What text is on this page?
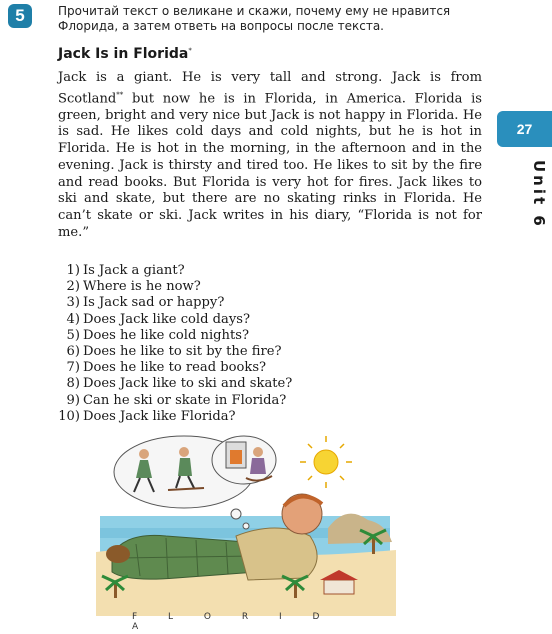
5	Прочитай текст о великане и скажи, почему ему не нравится Флорида, а затем ответь на вопросы после текста.
Jack Is in Florida*
Jack is a giant. He is very tall and strong. Jack is from Scotland** but now he is in Florida, in America. Florida is green, bright and very nice but Jack is not happy in Florida. He is sad. He likes cold days and cold nights, but he is hot in Florida. He is hot in the morning, in the afternoon and in the evening. Jack is thirsty and tired too. He likes to sit by the fire and read books. But Florida is very hot for fires. Jack likes to ski and skate, but there are no skating rinks in Florida. He can’t skate or ski. Jack writes in his diary, “Florida is not for me.”
1) Is Jack a giant?
2) Where is he now?
3) Is Jack sad or happy?
4) Does Jack like cold days?
5) Does he like cold nights?
6) Does he like to sit by the fire?
7) Does he like to read books?
8) Does Jack like to ski and skate?
9) Can he ski or skate in Florida?
10) Does Jack like Florida?
27
Unit 6
F L O R I D A
